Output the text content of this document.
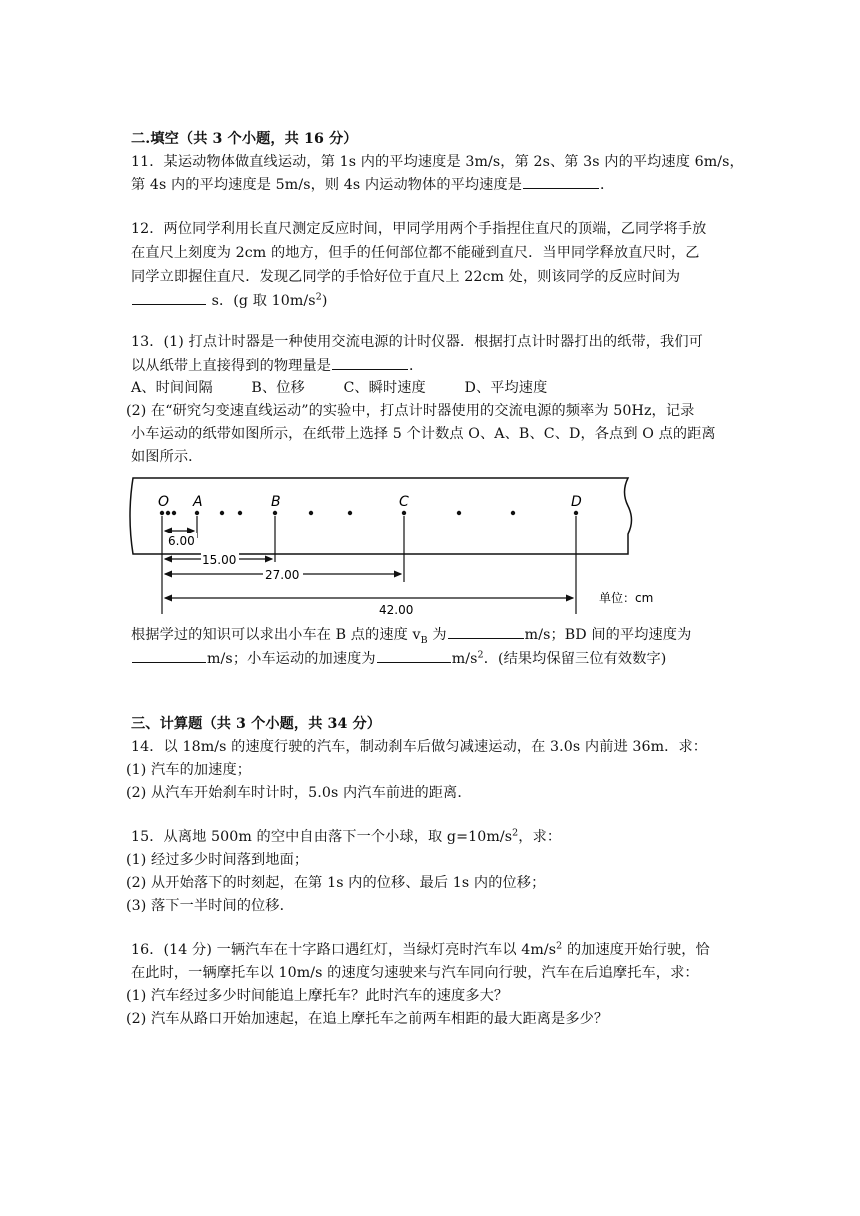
二.填空（共 3 个小题，共 16 分）
11．某运动物体做直线运动，第 1s 内的平均速度是 3m/s，第 2s、第 3s 内的平均速度 6m/s，
第 4s 内的平均速度是 5m/s，则 4s 内运动物体的平均速度是	．
12．两位同学利用长直尺测定反应时间，甲同学用两个手指捏住直尺的顶端，乙同学将手放
在直尺上刻度为 2cm 的地方，但手的任何部位都不能碰到直尺．当甲同学释放直尺时，乙
同学立即握住直尺．发现乙同学的手恰好位于直尺上 22cm 处，则该同学的反应时间为
s．(g 取 $10m/s^2$)
13．(1) 打点计时器是一种使用交流电源的计时仪器．根据打点计时器打出的纸带，我们可
以从纸带上直接得到的物理量是	．
A、时间间隔	B、位移	C、瞬时速度	D、平均速度
(2) 在“研究匀变速直线运动”的实验中，打点计时器使用的交流电源的频率为 50Hz，记录
小车运动的纸带如图所示，在纸带上选择 5 个计数点 O、A、B、C、D，各点到 O 点的距离
如图所示．
O A	B	C	D
6.00
15.00
27.00
42.00
单位：cm
根据学过的知识可以求出小车在 B 点的速度 $v_B$ 为	m/s；BD 间的平均速度为
m/s；小车运动的加速度为	$m/s^2$．(结果均保留三位有效数字)
三、计算题（共 3 个小题，共 34 分）
14．以 18m/s 的速度行驶的汽车，制动刹车后做匀减速运动，在 3.0s 内前进 36m．求：
(1) 汽车的加速度；
(2) 从汽车开始刹车时计时，5.0s 内汽车前进的距离．
15．从离地 500m 的空中自由落下一个小球，取 $g=10m/s^2$，求：
(1) 经过多少时间落到地面；
(2) 从开始落下的时刻起，在第 1s 内的位移、最后 1s 内的位移；
(3) 落下一半时间的位移．
16．(14 分) 一辆汽车在十字路口遇红灯，当绿灯亮时汽车以 $4m/s^2$ 的加速度开始行驶，恰
在此时，一辆摩托车以 10m/s 的速度匀速驶来与汽车同向行驶，汽车在后追摩托车，求：
(1) 汽车经过多少时间能追上摩托车？此时汽车的速度多大？
(2) 汽车从路口开始加速起，在追上摩托车之前两车相距的最大距离是多少？
